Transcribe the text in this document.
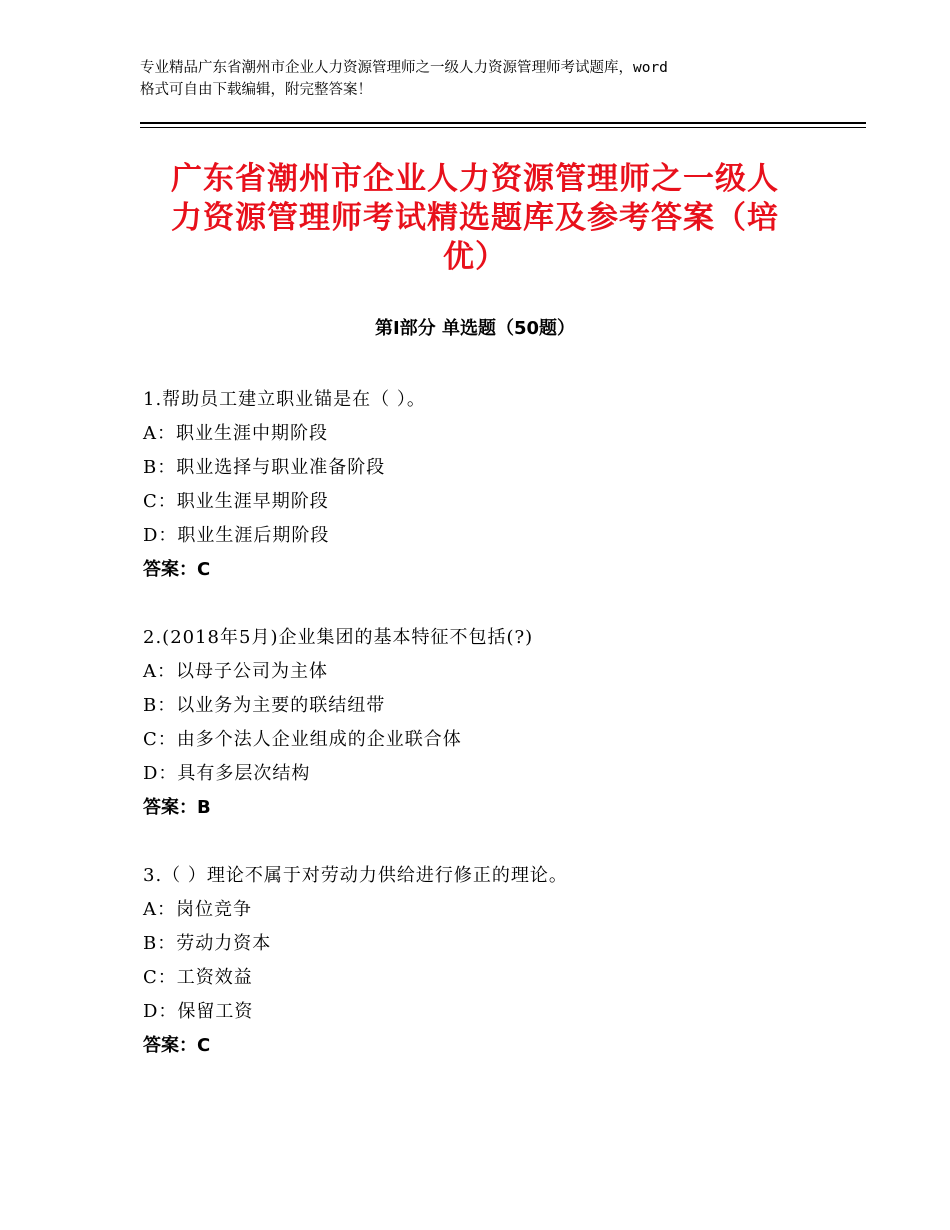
专业精品广东省潮州市企业人力资源管理师之一级人力资源管理师考试题库，word
格式可自由下载编辑，附完整答案！
广东省潮州市企业人力资源管理师之一级人
力资源管理师考试精选题库及参考答案（培
优）
第Ⅰ部分 单选题（50题）
1.帮助员工建立职业锚是在（ ）。
A：职业生涯中期阶段
B：职业选择与职业准备阶段
C：职业生涯早期阶段
D：职业生涯后期阶段
答案：C
2.(2018年5月)企业集团的基本特征不包括(?)
A：以母子公司为主体
B：以业务为主要的联结纽带
C：由多个法人企业组成的企业联合体
D：具有多层次结构
答案：B
3.（ ）理论不属于对劳动力供给进行修正的理论。
A：岗位竞争
B：劳动力资本
C：工资效益
D：保留工资
答案：C
